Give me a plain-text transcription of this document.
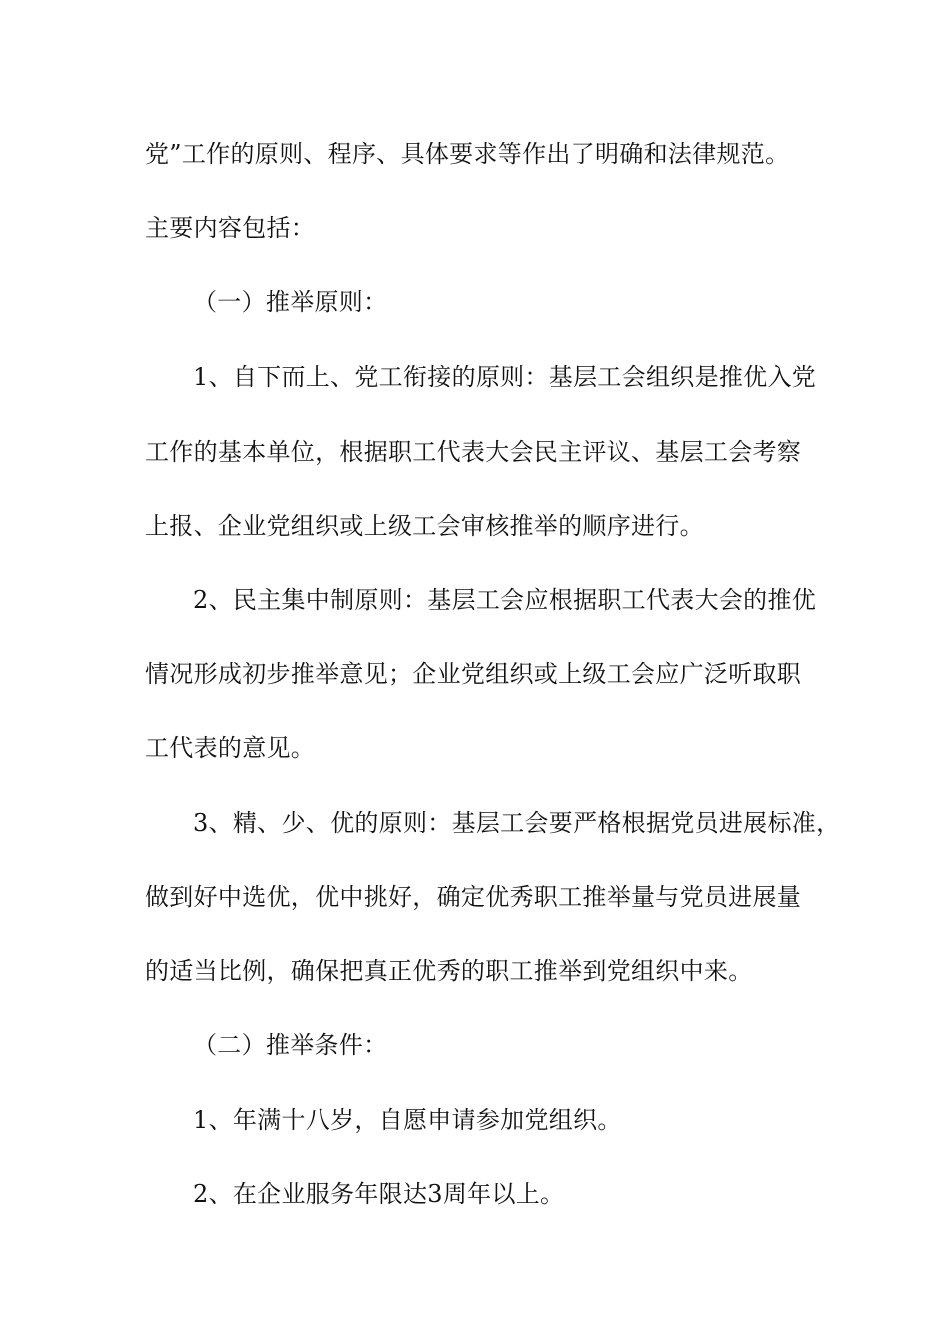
党”工作的原则、程序、具体要求等作出了明确和法律规范。
主要内容包括：
（一）推举原则：
1、自下而上、党工衔接的原则：基层工会组织是推优入党
工作的基本单位，根据职工代表大会民主评议、基层工会考察
上报、企业党组织或上级工会审核推举的顺序进行。
2、民主集中制原则：基层工会应根据职工代表大会的推优
情况形成初步推举意见；企业党组织或上级工会应广泛听取职
工代表的意见。
3、精、少、优的原则：基层工会要严格根据党员进展标准，
做到好中选优，优中挑好，确定优秀职工推举量与党员进展量
的适当比例，确保把真正优秀的职工推举到党组织中来。
（二）推举条件：
1、年满十八岁，自愿申请参加党组织。
2、在企业服务年限达3周年以上。
